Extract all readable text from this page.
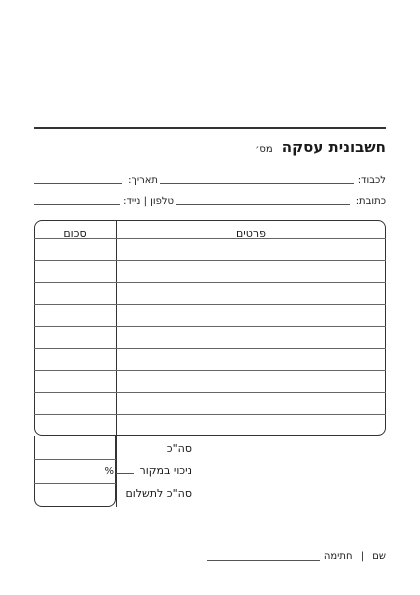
חשבונית עסקה מס׳
לכבוד:
תאריך:
כתובת:
טלפון | נייד:
פרטים
סכום
סה"כ
ניכוי במקור %
סה"כ לתשלום
שם | חתימה
